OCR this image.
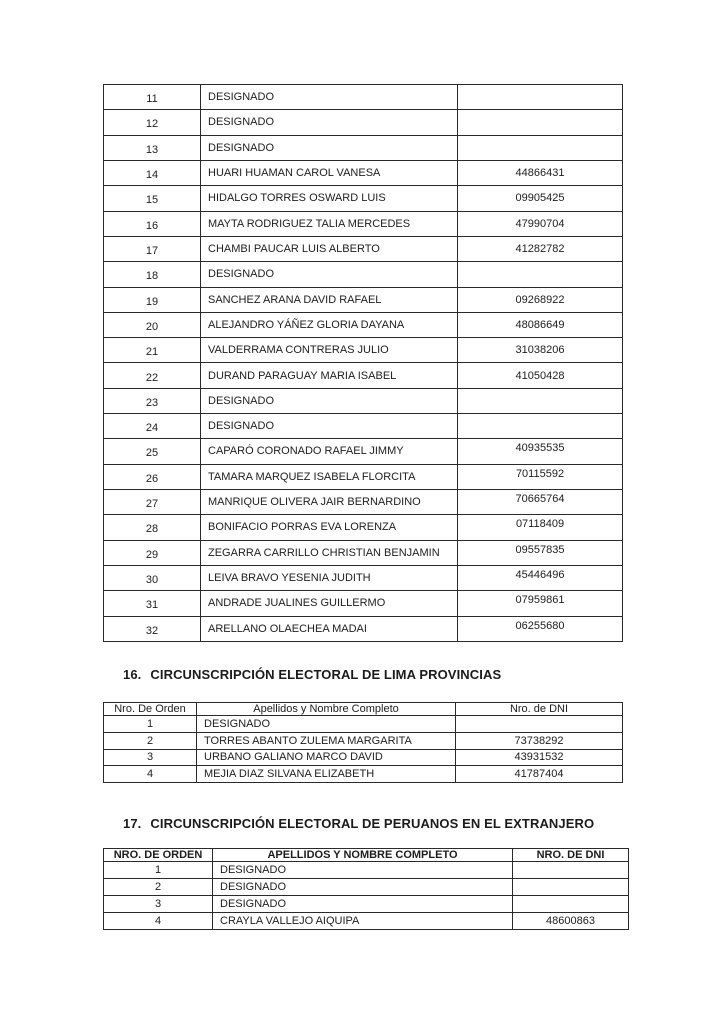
11	DESIGNADO	
12	DESIGNADO	
13	DESIGNADO	
14	HUARI HUAMAN CAROL VANESA	44866431
15	HIDALGO TORRES OSWARD LUIS	09905425
16	MAYTA RODRIGUEZ TALIA MERCEDES	47990704
17	CHAMBI PAUCAR LUIS ALBERTO	41282782
18	DESIGNADO	
19	SANCHEZ ARANA DAVID RAFAEL	09268922
20	ALEJANDRO YÁÑEZ GLORIA DAYANA	48086649
21	VALDERRAMA CONTRERAS JULIO	31038206
22	DURAND PARAGUAY MARIA ISABEL	41050428
23	DESIGNADO	
24	DESIGNADO	
25	CAPARÓ CORONADO RAFAEL JIMMY	40935535
26	TAMARA MARQUEZ ISABELA FLORCITA	70115592
27	MANRIQUE OLIVERA JAIR BERNARDINO	70665764
28	BONIFACIO PORRAS EVA LORENZA	07118409
29	ZEGARRA CARRILLO CHRISTIAN BENJAMIN	09557835
30	LEIVA BRAVO YESENIA JUDITH	45446496
31	ANDRADE JUALINES GUILLERMO	07959861
32	ARELLANO OLAECHEA MADAI	06255680
16. CIRCUNSCRIPCIÓN ELECTORAL DE LIMA PROVINCIAS
Nro. De Orden	Apellidos y Nombre Completo	Nro. de DNI
1	DESIGNADO	
2	TORRES ABANTO ZULEMA MARGARITA	73738292
3	URBANO GALIANO MARCO DAVID	43931532
4	MEJIA DIAZ SILVANA ELIZABETH	41787404
17. CIRCUNSCRIPCIÓN ELECTORAL DE PERUANOS EN EL EXTRANJERO
NRO. DE ORDEN	APELLIDOS Y NOMBRE COMPLETO	NRO. DE DNI
1	DESIGNADO	
2	DESIGNADO	
3	DESIGNADO	
4	CRAYLA VALLEJO AIQUIPA	48600863
